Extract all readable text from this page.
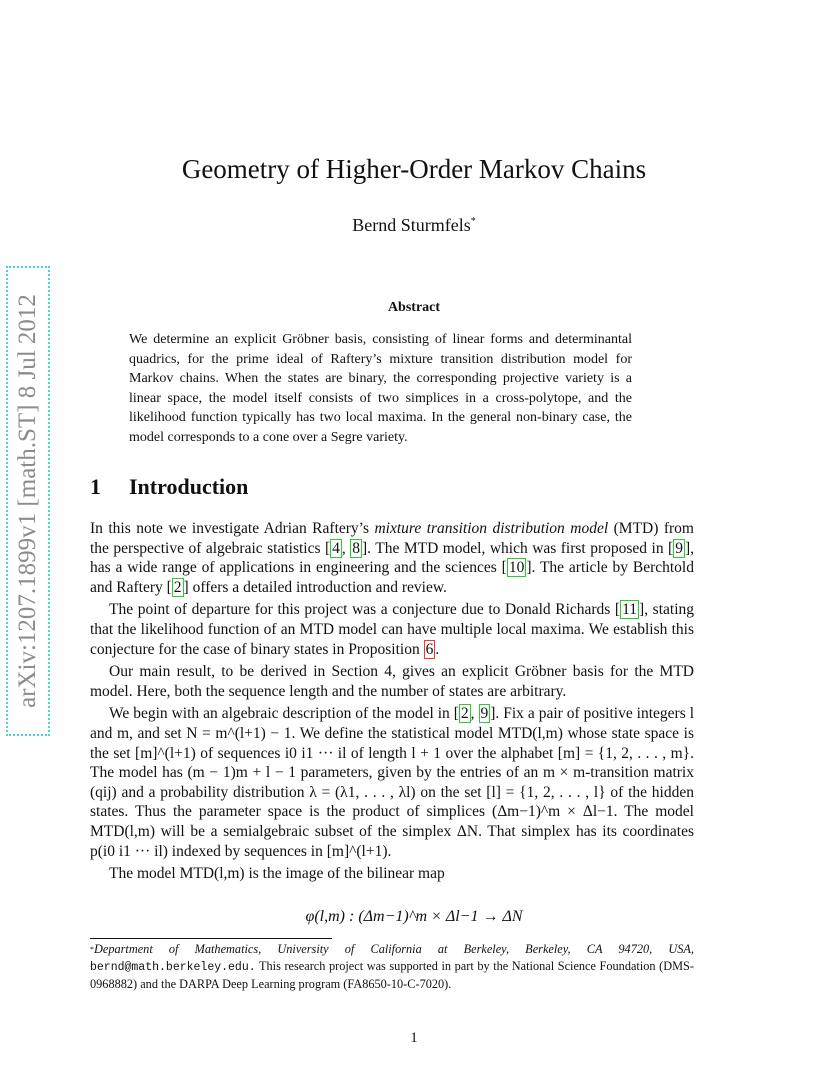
arXiv:1207.1899v1 [math.ST] 8 Jul 2012
Geometry of Higher-Order Markov Chains
Bernd Sturmfels*
Abstract
We determine an explicit Gröbner basis, consisting of linear forms and determinantal quadrics, for the prime ideal of Raftery’s mixture transition distribution model for Markov chains. When the states are binary, the corresponding projective variety is a linear space, the model itself consists of two simplices in a cross-polytope, and the likelihood function typically has two local maxima. In the general non-binary case, the model corresponds to a cone over a Segre variety.
1 Introduction

In this note we investigate Adrian Raftery’s mixture transition distribution model (MTD) from the perspective of algebraic statistics [ 4 , 8 ]. The MTD model, which was first proposed in [ 9 ], has a wide range of applications in engineering and the sciences [ 10 ]. The article by Berchtold and Raftery [ 2 ] offers a detailed introduction and review.

The point of departure for this project was a conjecture due to Donald Richards [ 11 ], stating that the likelihood function of an MTD model can have multiple local maxima. We establish this conjecture for the case of binary states in Proposition 6 .

Our main result, to be derived in Section 4, gives an explicit Gröbner basis for the MTD model. Here, both the sequence length and the number of states are arbitrary.

We begin with an algebraic description of the model in [ 2 , 9 ]. Fix a pair of positive integers l and m, and set N = m^(l+1) − 1. We define the statistical model MTD(l,m) whose state space is the set [m]^(l+1) of sequences i0 i1 ··· il of length l + 1 over the alphabet [m] = {1, 2, . . . , m}. The model has (m − 1)m + l − 1 parameters, given by the entries of an m × m-transition matrix (qij) and a probability distribution λ = (λ1, . . . , λl) on the set [l] = {1, 2, . . . , l} of the hidden states. Thus the parameter space is the product of simplices (Δm−1)^m × Δl−1. The model MTD(l,m) will be a semialgebraic subset of the simplex ΔN. That simplex has its coordinates p(i0 i1 ··· il) indexed by sequences in [m]^(l+1).

The model MTD(l,m) is the image of the bilinear map

φ(l,m) : (Δm−1)^m × Δl−1 → ΔN
*Department of Mathematics, University of California at Berkeley, Berkeley, CA 94720, USA, bernd@math.berkeley.edu. This research project was supported in part by the National Science Foundation (DMS-0968882) and the DARPA Deep Learning program (FA8650-10-C-7020).
1
